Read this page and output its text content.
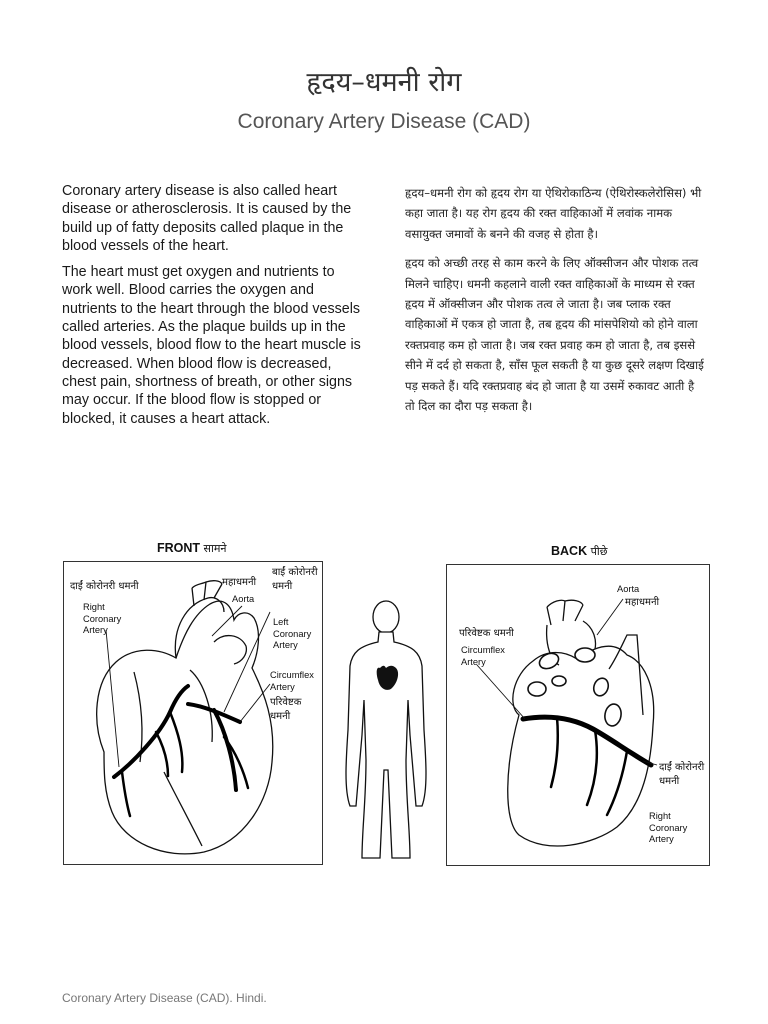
हृदय–धमनी रोग
Coronary Artery Disease (CAD)

Coronary artery disease is also called heart disease or atherosclerosis. It is caused by the build up of fatty deposits called plaque in the blood vessels of the heart.

The heart must get oxygen and nutrients to work well. Blood carries the oxygen and nutrients to the heart through the blood vessels called arteries. As the plaque builds up in the blood vessels, blood flow to the heart muscle is decreased. When blood flow is decreased, chest pain, shortness of breath, or other signs may occur. If the blood flow is stopped or blocked, it causes a heart attack.

हृदय–धमनी रोग को हृदय रोग या ऐथिरोकाठिन्य (ऐथिरोस्कलेरोसिस) भी कहा जाता है। यह रोग हृदय की रक्त वाहिकाओं में लवांक नामक वसायुक्त जमावों के बनने की वजह से होता है।

हृदय को अच्छी तरह से काम करने के लिए ऑक्सीजन और पोशक तत्व मिलने चाहिए। धमनी कहलाने वाली रक्त वाहिकाओं के माध्यम से रक्त हृदय में ऑक्सीजन और पोशक तत्व ले जाता है। जब प्लाक रक्त वाहिकाओं में एकत्र हो जाता है, तब हृदय की मांसपेशियो को होने वाला रक्तप्रवाह कम हो जाता है। जब रक्त प्रवाह कम हो जाता है, तब इससे सीने में दर्द हो सकता है, साँस फूल सकती है या कुछ दूसरे लक्षण दिखाई पड़ सकते हैं। यदि रक्तप्रवाह बंद हो जाता है या उसमें रुकावट आती है तो दिल का दौरा पड़ सकता है।

FRONT सामने	BACK पीछे
दाईं कोरोनरी धमनी
Right Coronary Artery
महाधमनी
Aorta
बाईं कोरोनरी धमनी
Left Coronary Artery
Circumflex Artery
परिवेष्टक धमनी
Aorta
महाधमनी
परिवेष्टक धमनी
Circumflex Artery
दाईं कोरोनरी धमनी
Right Coronary Artery
Coronary Artery Disease (CAD). Hindi.
